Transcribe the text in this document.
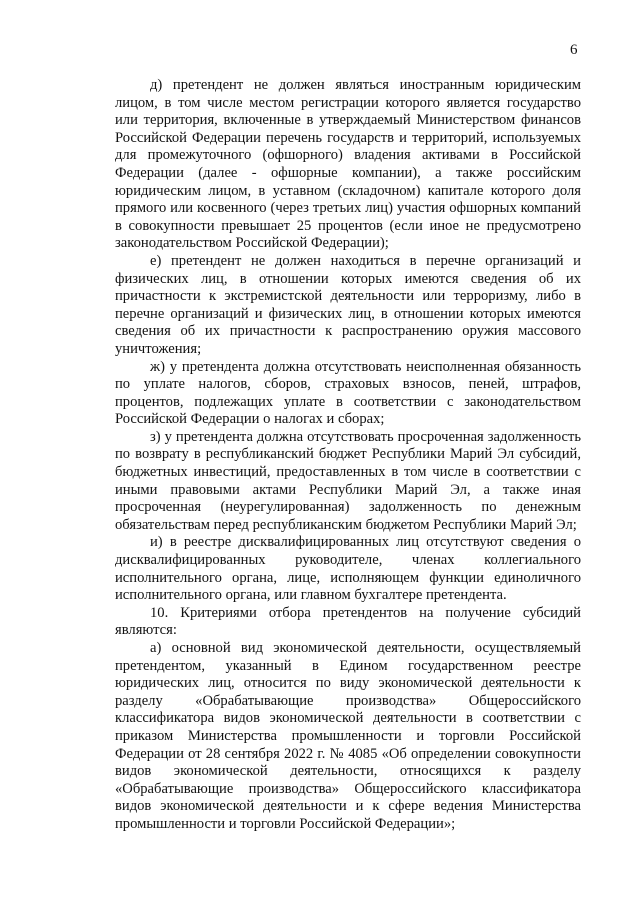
6

д) претендент не должен являться иностранным юридическим лицом, в том числе местом регистрации которого является государство или территория, включенные в утверждаемый Министерством финансов Российской Федерации перечень государств и территорий, используемых для промежуточного (офшорного) владения активами в Российской Федерации (далее - офшорные компании), а также российским юридическим лицом, в уставном (складочном) капитале которого доля прямого или косвенного (через третьих лиц) участия офшорных компаний в совокупности превышает 25 процентов (если иное не предусмотрено законодательством Российской Федерации);

е) претендент не должен находиться в перечне организаций и физических лиц, в отношении которых имеются сведения об их причастности к экстремистской деятельности или терроризму, либо в перечне организаций и физических лиц, в отношении которых имеются сведения об их причастности к распространению оружия массового уничтожения;

ж) у претендента должна отсутствовать неисполненная обязанность по уплате налогов, сборов, страховых взносов, пеней, штрафов, процентов, подлежащих уплате в соответствии с законодательством Российской Федерации о налогах и сборах;

з) у претендента должна отсутствовать просроченная задолженность по возврату в республиканский бюджет Республики Марий Эл субсидий, бюджетных инвестиций, предоставленных в том числе в соответствии с иными правовыми актами Республики Марий Эл, а также иная просроченная (неурегулированная) задолженность по денежным обязательствам перед республиканским бюджетом Республики Марий Эл;

и) в реестре дисквалифицированных лиц отсутствуют сведения о дисквалифицированных руководителе, членах коллегиального исполнительного органа, лице, исполняющем функции единоличного исполнительного органа, или главном бухгалтере претендента.

10. Критериями отбора претендентов на получение субсидий являются:

а) основной вид экономической деятельности, осуществляемый претендентом, указанный в Едином государственном реестре юридических лиц, относится по виду экономической деятельности к разделу «Обрабатывающие производства» Общероссийского классификатора видов экономической деятельности в соответствии с приказом Министерства промышленности и торговли Российской Федерации от 28 сентября 2022 г. № 4085 «Об определении совокупности видов экономической деятельности, относящихся к разделу «Обрабатывающие производства» Общероссийского классификатора видов экономической деятельности и к сфере ведения Министерства промышленности и торговли Российской Федерации»;
